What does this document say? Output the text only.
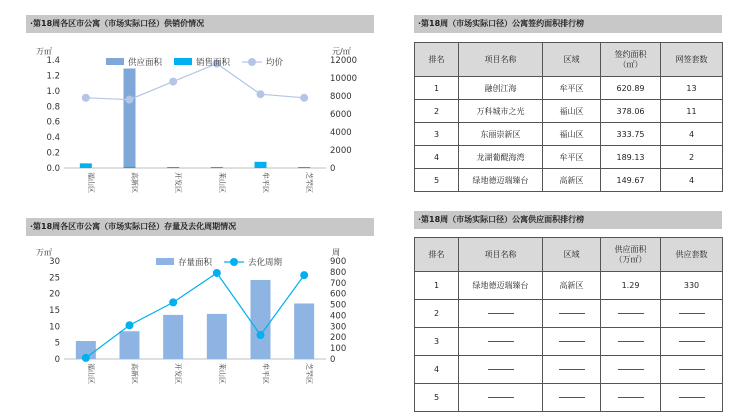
·第18周各区市公寓（市场实际口径）供销价情况
万㎡	元/㎡
0.0
0.2
0.4
0.6
0.8
1.0
1.2
1.4
0
2000
4000
6000
8000
10000
12000
福山区	高新区	开发区	莱山区	牟平区	芝罘区
供应面积	销售面积	均价
·第18周各区市公寓（市场实际口径）存量及去化周期情况
万㎡	周
0
5
10
15
20
25
30
0
100
200
300
400
500
600
700
800
900
福山区	高新区	开发区	莱山区	牟平区	芝罘区
存量面积	去化周期
·第18周（市场实际口径）公寓签约面积排行榜
排名	项目名称	区域	签约面积
（㎡）	网签套数
1	融创江海	牟平区	620.89	13
2	万科城市之光	福山区	378.06	11
3	东丽崇新区	福山区	333.75	4
4	龙湖葡醍海湾	牟平区	189.13	2
5	绿地德迈瑞臻台	高新区	149.67	4
·第18周（市场实际口径）公寓供应面积排行榜
排名	项目名称	区域	供应面积
（万㎡）	供应套数
1	绿地德迈瑞臻台	高新区	1.29	330
2				
3				
4				
5				
